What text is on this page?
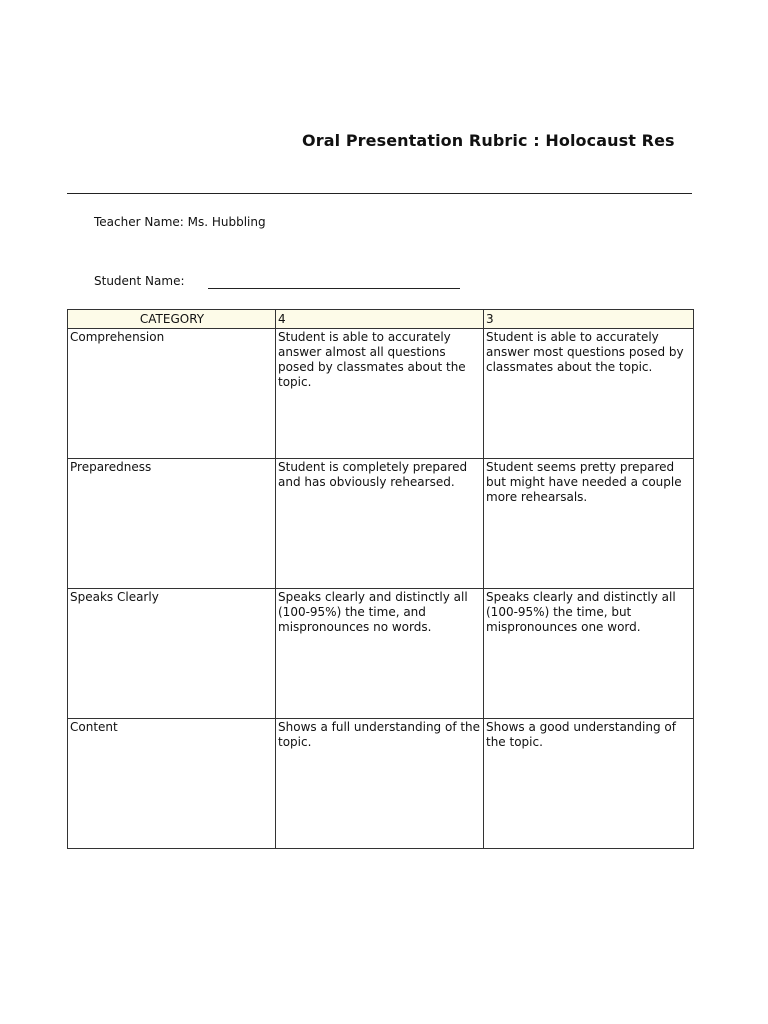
Oral Presentation Rubric : Holocaust Res
Teacher Name: Ms. Hubbling
Student Name:
CATEGORY	4	3
Comprehension	Student is able to accurately answer almost all questions posed by classmates about the topic.	Student is able to accurately answer most questions posed by classmates about the topic.
Preparedness	Student is completely prepared and has obviously rehearsed.	Student seems pretty prepared but might have needed a couple more rehearsals.
Speaks Clearly	Speaks clearly and distinctly all (100-95%) the time, and mispronounces no words.	Speaks clearly and distinctly all (100-95%) the time, but mispronounces one word.
Content	Shows a full understanding of the topic.	Shows a good understanding of the topic.
